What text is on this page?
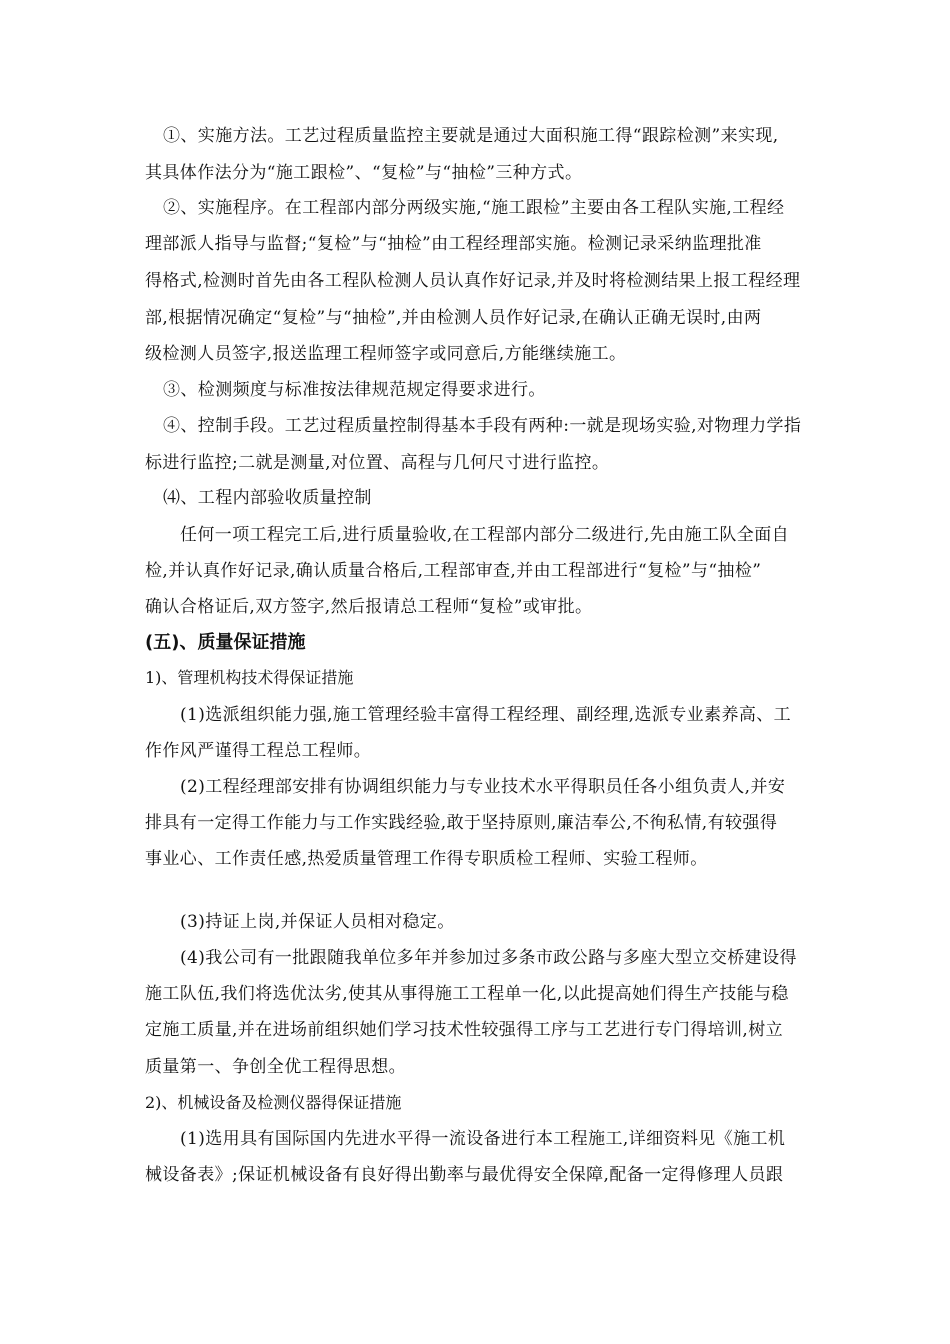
①、实施方法。工艺过程质量监控主要就是通过大面积施工得“跟踪检测”来实现,
其具体作法分为“施工跟检”、“复检”与“抽检”三种方式。
②、实施程序。在工程部内部分两级实施,“施工跟检”主要由各工程队实施,工程经
理部派人指导与监督;“复检”与“抽检”由工程经理部实施。检测记录采纳监理批准
得格式,检测时首先由各工程队检测人员认真作好记录,并及时将检测结果上报工程经理
部,根据情况确定“复检”与“抽检”,并由检测人员作好记录,在确认正确无误时,由两
级检测人员签字,报送监理工程师签字或同意后,方能继续施工。
③、检测频度与标准按法律规范规定得要求进行。
④、控制手段。工艺过程质量控制得基本手段有两种:一就是现场实验,对物理力学指
标进行监控;二就是测量,对位置、高程与几何尺寸进行监控。
⑷、工程内部验收质量控制
任何一项工程完工后,进行质量验收,在工程部内部分二级进行,先由施工队全面自
检,并认真作好记录,确认质量合格后,工程部审查,并由工程部进行“复检”与“抽检”
确认合格证后,双方签字,然后报请总工程师“复检”或审批。
(五)、质量保证措施
1)、管理机构技术得保证措施
(1)选派组织能力强,施工管理经验丰富得工程经理、副经理,选派专业素养高、工
作作风严谨得工程总工程师。
(2)工程经理部安排有协调组织能力与专业技术水平得职员任各小组负责人,并安
排具有一定得工作能力与工作实践经验,敢于坚持原则,廉洁奉公,不徇私情,有较强得
事业心、工作责任感,热爱质量管理工作得专职质检工程师、实验工程师。
(3)持证上岗,并保证人员相对稳定。
(4)我公司有一批跟随我单位多年并参加过多条市政公路与多座大型立交桥建设得
施工队伍,我们将选优汰劣,使其从事得施工工程单一化,以此提高她们得生产技能与稳
定施工质量,并在进场前组织她们学习技术性较强得工序与工艺进行专门得培训,树立
质量第一、争创全优工程得思想。
2)、机械设备及检测仪器得保证措施
(1)选用具有国际国内先进水平得一流设备进行本工程施工,详细资料见《施工机
械设备表》;保证机械设备有良好得出勤率与最优得安全保障,配备一定得修理人员跟
